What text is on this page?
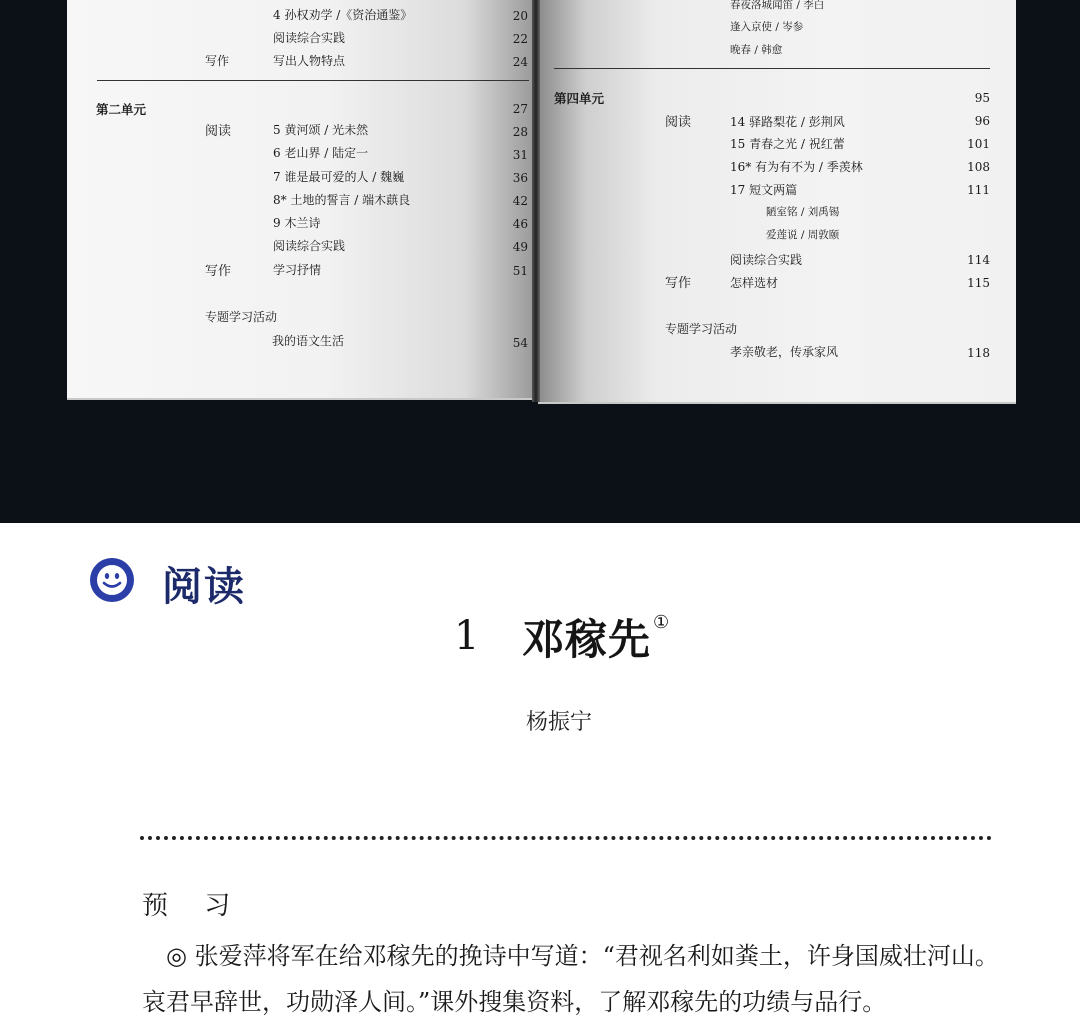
4 孙权劝学 /《资治通鉴》	20
阅读综合实践	22
写作	写出人物特点	24
第二单元	27
阅读	5 黄河颂 / 光未然	28
6 老山界 / 陆定一	31
7 谁是最可爱的人 / 魏巍	36
8* 土地的誓言 / 端木蕻良	42
9 木兰诗	46
阅读综合实践	49
写作	学习抒情	51
专题学习活动
我的语文生活	54
春夜洛城闻笛 / 李白
逢入京使 / 岑参
晚春 / 韩愈
第四单元	95
阅读	14 驿路梨花 / 彭荆风	96
15 青春之光 / 祝红蕾	101
16* 有为有不为 / 季羡林	108
17 短文两篇	111
陋室铭 / 刘禹锡
爱莲说 / 周敦颐
阅读综合实践	114
写作	怎样选材	115
专题学习活动
孝亲敬老，传承家风	118
阅读
1 邓稼先 ①
杨振宁
预 习
◎ 张爱萍将军在给邓稼先的挽诗中写道：“君视名利如粪土，许身国威壮河山。哀君早辞世，功勋泽人间。”课外搜集资料，了解邓稼先的功绩与品行。
